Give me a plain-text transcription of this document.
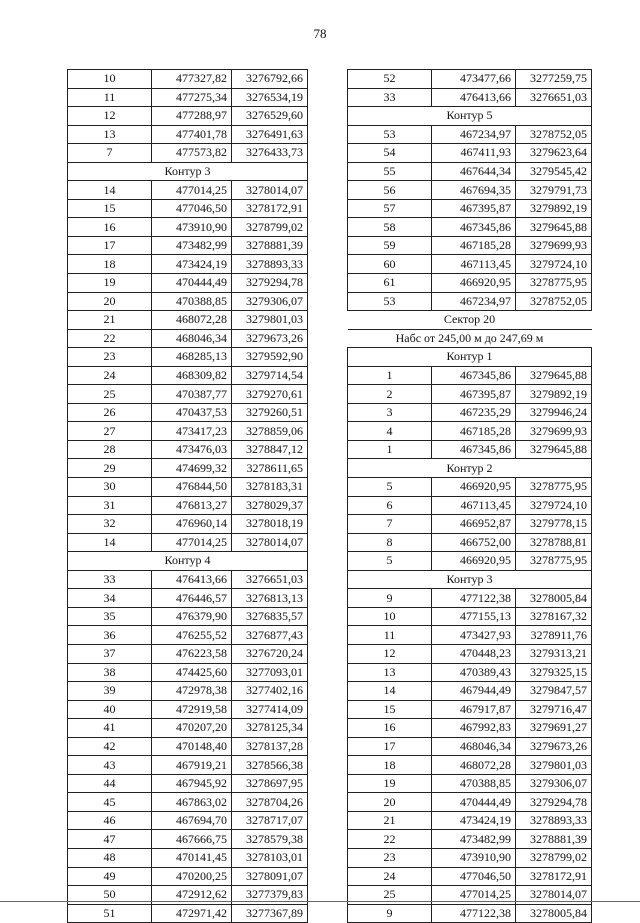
78
10	477327,82	3276792,66
11	477275,34	3276534,19
12	477288,97	3276529,60
13	477401,78	3276491,63
7	477573,82	3276433,73
Контур 3		
14	477014,25	3278014,07
15	477046,50	3278172,91
16	473910,90	3278799,02
17	473482,99	3278881,39
18	473424,19	3278893,33
19	470444,49	3279294,78
20	470388,85	3279306,07
21	468072,28	3279801,03
22	468046,34	3279673,26
23	468285,13	3279592,90
24	468309,82	3279714,54
25	470387,77	3279270,61
26	470437,53	3279260,51
27	473417,23	3278859,06
28	473476,03	3278847,12
29	474699,32	3278611,65
30	476844,50	3278183,31
31	476813,27	3278029,37
32	476960,14	3278018,19
14	477014,25	3278014,07
Контур 4		
33	476413,66	3276651,03
34	476446,57	3276813,13
35	476379,90	3276835,57
36	476255,52	3276877,43
37	476223,58	3276720,24
38	474425,60	3277093,01
39	472978,38	3277402,16
40	472919,58	3277414,09
41	470207,20	3278125,34
42	470148,40	3278137,28
43	467919,21	3278566,38
44	467945,92	3278697,95
45	467863,02	3278704,26
46	467694,70	3278717,07
47	467666,75	3278579,38
48	470141,45	3278103,01
49	470200,25	3278091,07
50	472912,62	3277379,83
51	472971,42	3277367,89
52	473477,66	3277259,75
33	476413,66	3276651,03
Контур 5		
53	467234,97	3278752,05
54	467411,93	3279623,64
55	467644,34	3279545,42
56	467694,35	3279791,73
57	467395,87	3279892,19
58	467345,86	3279645,88
59	467185,28	3279699,93
60	467113,45	3279724,10
61	466920,95	3278775,95
53	467234,97	3278752,05
Сектор 20		
Набс от 245,00 м до 247,69 м		
Контур 1		
1	467345,86	3279645,88
2	467395,87	3279892,19
3	467235,29	3279946,24
4	467185,28	3279699,93
1	467345,86	3279645,88
Контур 2		
5	466920,95	3278775,95
6	467113,45	3279724,10
7	466952,87	3279778,15
8	466752,00	3278788,81
5	466920,95	3278775,95
Контур 3		
9	477122,38	3278005,84
10	477155,13	3278167,32
11	473427,93	3278911,76
12	470448,23	3279313,21
13	470389,43	3279325,15
14	467944,49	3279847,57
15	467917,87	3279716,47
16	467992,83	3279691,27
17	468046,34	3279673,26
18	468072,28	3279801,03
19	470388,85	3279306,07
20	470444,49	3279294,78
21	473424,19	3278893,33
22	473482,99	3278881,39
23	473910,90	3278799,02
24	477046,50	3278172,91
25	477014,25	3278014,07
9	477122,38	3278005,84
